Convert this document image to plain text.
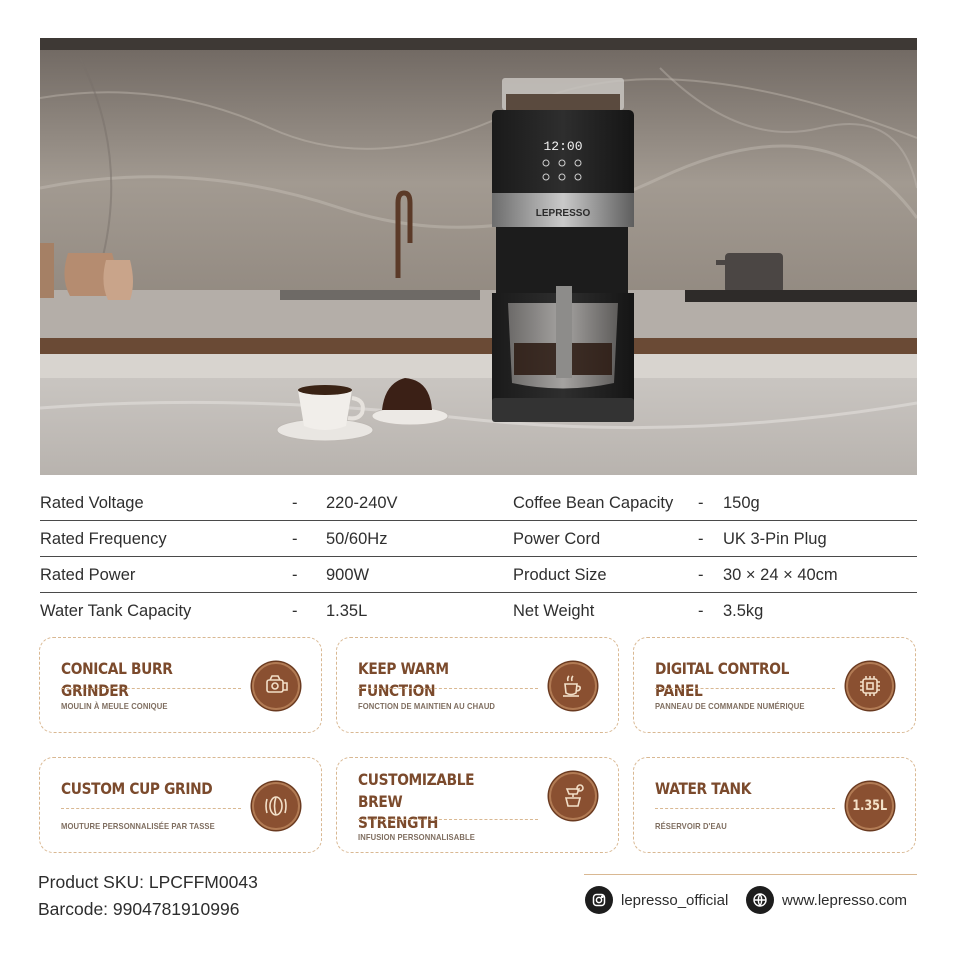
LEPRESSO
12:00
Rated Voltage	- 220-240V	Coffee Bean Capacity - 150g
Rated Frequency	- 50/60Hz	Power Cord	- UK 3-Pin Plug
Rated Power	- 900W	Product Size	- 30 × 24 × 40cm
Water Tank Capacity	- 1.35L	Net Weight	- 3.5kg
CONICAL BURR GRINDER
MOULIN À MEULE CONIQUE
KEEP WARM FUNCTION
FONCTION DE MAINTIEN AU CHAUD
DIGITAL CONTROL PANEL
PANNEAU DE COMMANDE NUMÉRIQUE
CUSTOM CUP GRIND
MOUTURE PERSONNALISÉE PAR TASSE
CUSTOMIZABLE BREW
STRENGTH
INFUSION PERSONNALISABLE
WATER TANK
RÉSERVOIR D'EAU
1.35L
Product SKU: LPCFFM0043
Barcode: 9904781910996	lepresso_official	www.lepresso.com
